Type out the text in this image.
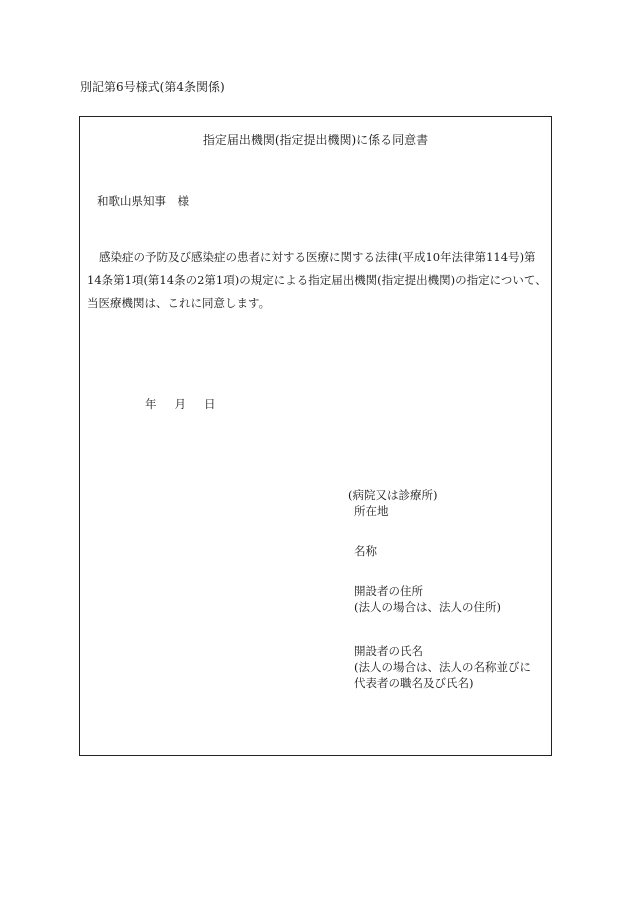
別記第6号様式(第4条関係)
指定届出機関(指定提出機関)に係る同意書
和歌山県知事　様
感染症の予防及び感染症の患者に対する医療に関する法律(平成10年法律第114号)第14条第1項(第14条の2第1項)の規定による指定届出機関(指定提出機関)の指定について、当医療機関は、これに同意します。
年 月 日
(病院又は診療所)
所在地
名称
開設者の住所
(法人の場合は、法人の住所)
開設者の氏名
(法人の場合は、法人の名称並びに
代表者の職名及び氏名)
